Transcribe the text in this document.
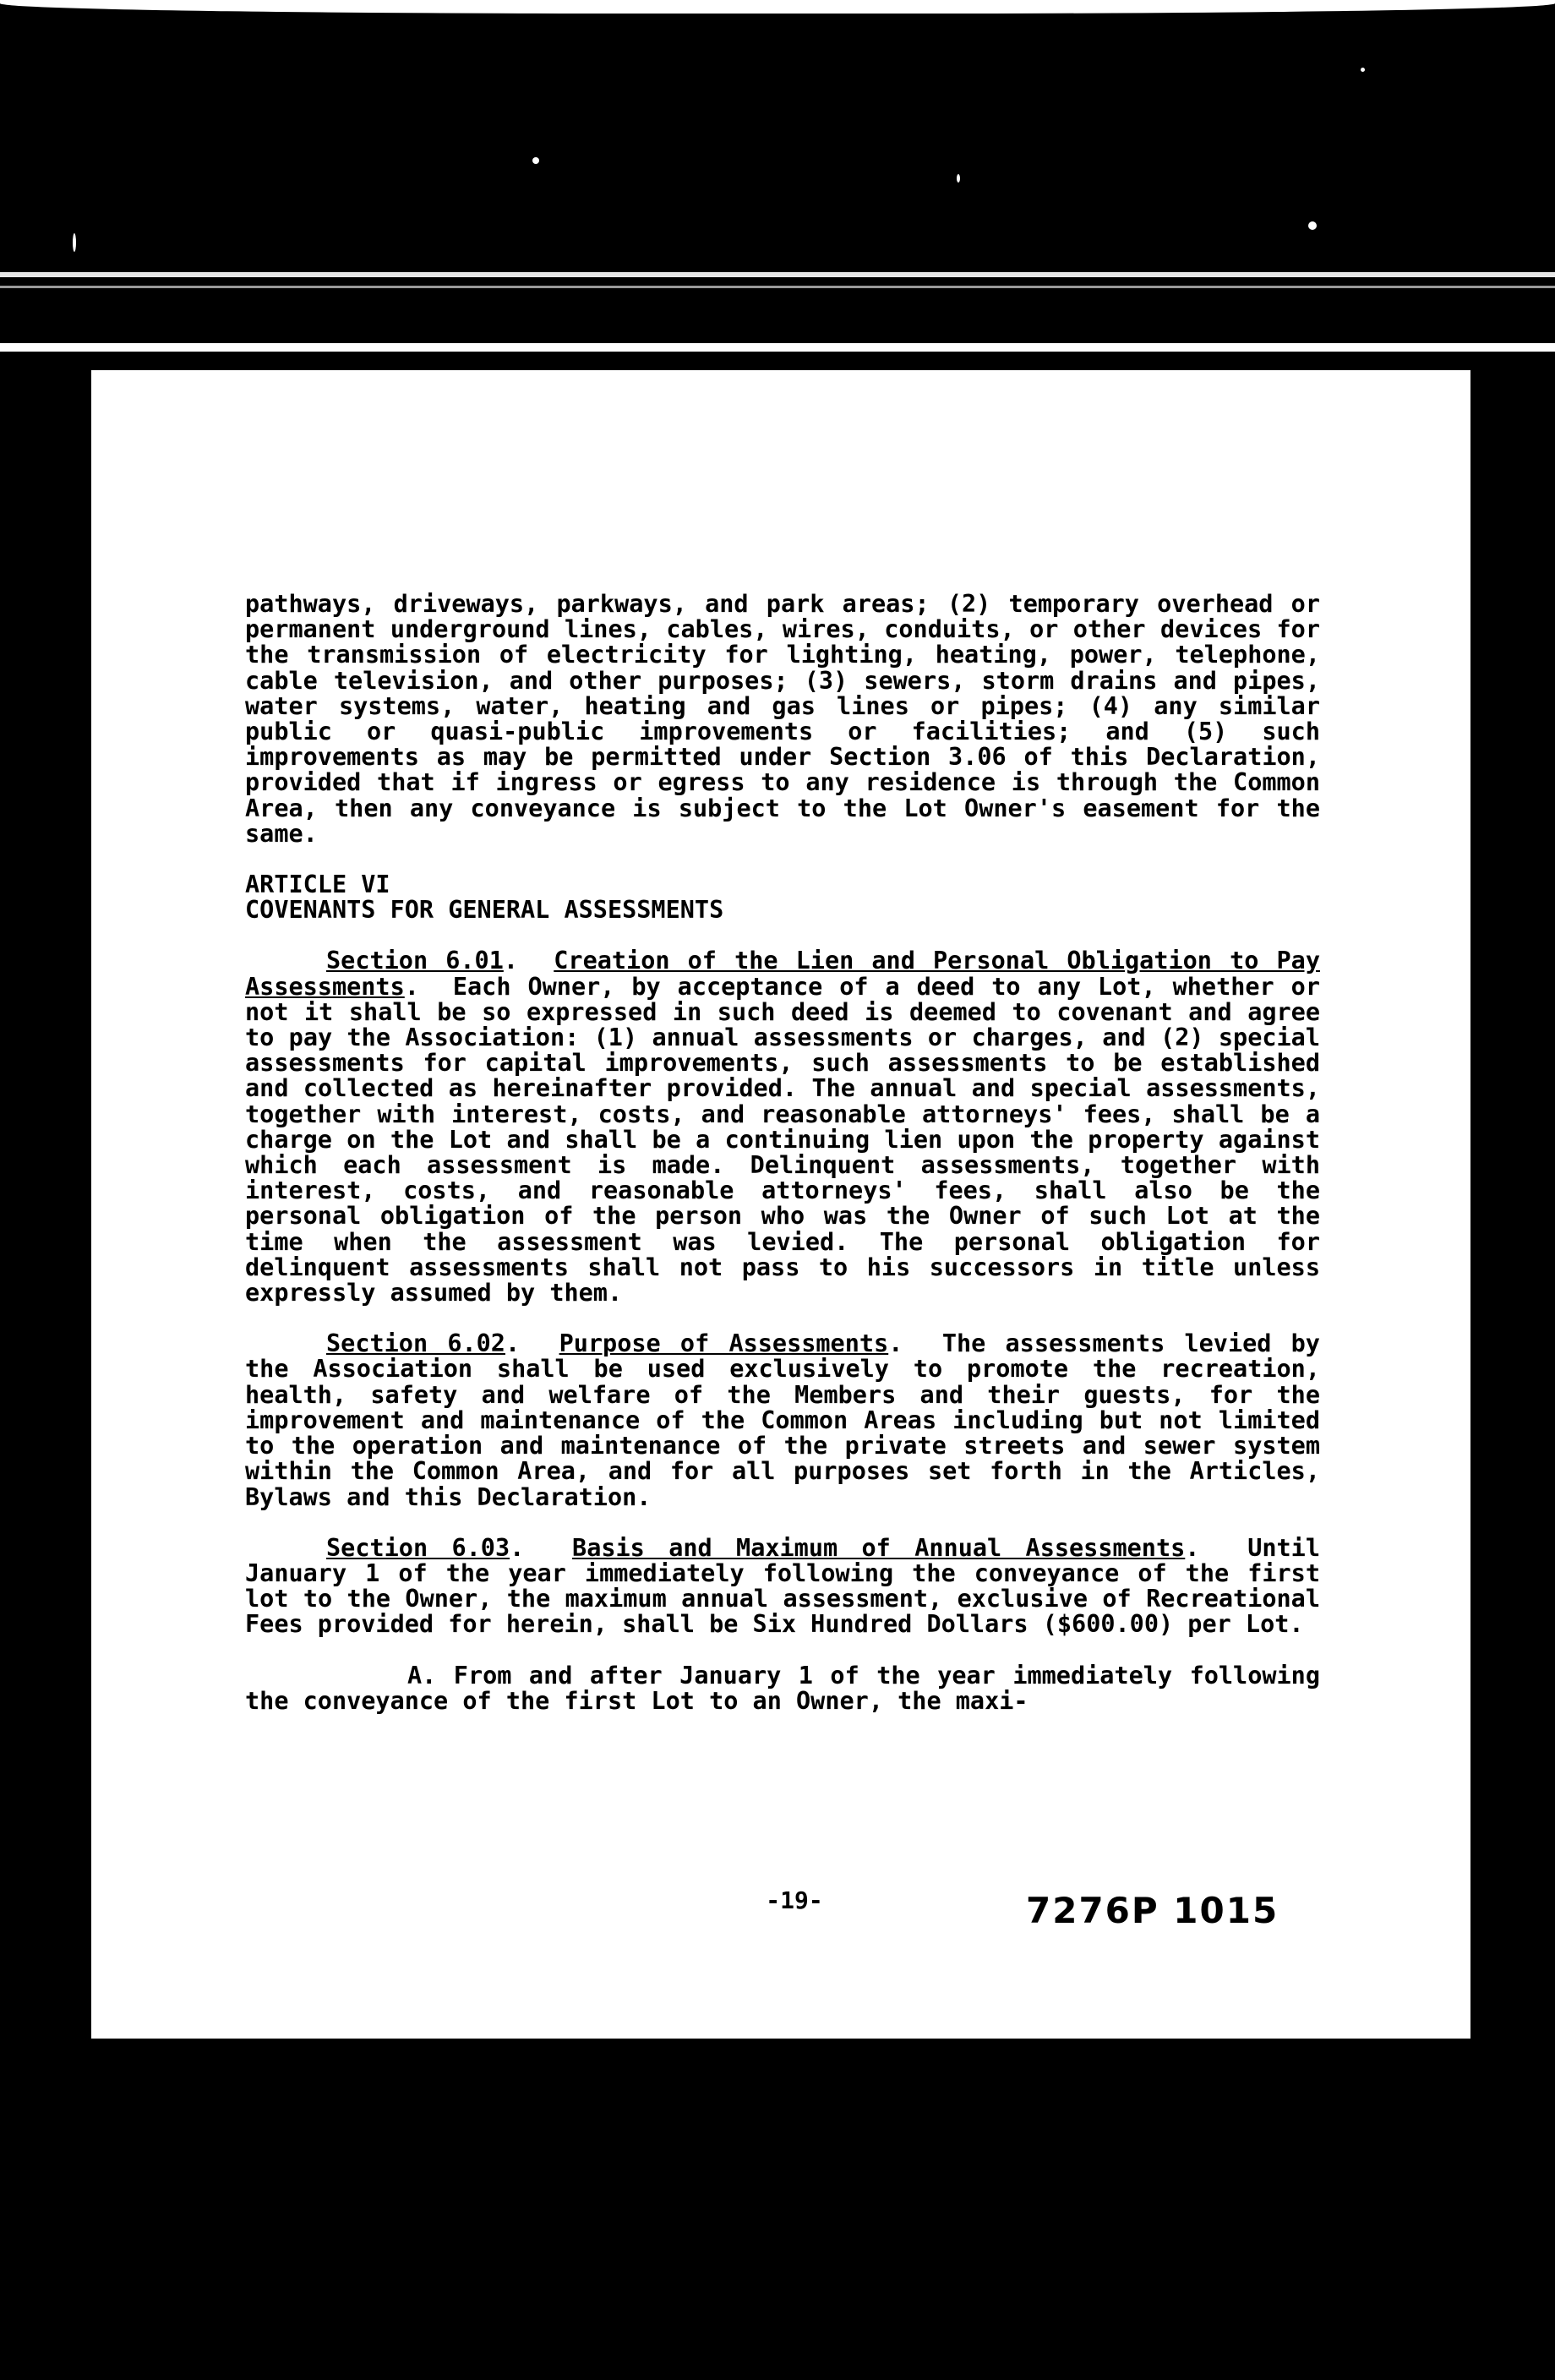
pathways, driveways, parkways, and park areas; (2) temporary overhead or permanent underground lines, cables, wires, conduits, or other devices for the transmission of electricity for lighting, heating, power, telephone, cable television, and other purposes; (3) sewers, storm drains and pipes, water systems, water, heating and gas lines or pipes; (4) any similar public or quasi-public improvements or facilities; and (5) such improvements as may be permitted under Section 3.06 of this Declaration, provided that if ingress or egress to any residence is through the Common Area, then any conveyance is subject to the Lot Owner's easement for the same.

ARTICLE VI

COVENANTS FOR GENERAL ASSESSMENTS

Section 6.01.  Creation of the Lien and Personal Obligation to Pay Assessments.  Each Owner, by acceptance of a deed to any Lot, whether or not it shall be so expressed in such deed is deemed to covenant and agree to pay the Association: (1) annual assessments or charges, and (2) special assessments for capital improvements, such assessments to be established and collected as hereinafter provided. The annual and special assessments, together with interest, costs, and reasonable attorneys' fees, shall be a charge on the Lot and shall be a continuing lien upon the property against which each assessment is made. Delinquent assessments, together with interest, costs, and reasonable attorneys' fees, shall also be the personal obligation of the person who was the Owner of such Lot at the time when the assessment was levied. The personal obligation for delinquent assessments shall not pass to his successors in title unless expressly assumed by them.

Section 6.02.  Purpose of Assessments.  The assessments levied by the Association shall be used exclusively to promote the recreation, health, safety and welfare of the Members and their guests, for the improvement and maintenance of the Common Areas including but not limited to the operation and maintenance of the private streets and sewer system within the Common Area, and for all purposes set forth in the Articles, Bylaws and this Declaration.

Section 6.03.  Basis and Maximum of Annual Assessments.  Until January 1 of the year immediately following the conveyance of the first lot to the Owner, the maximum annual assessment, exclusive of Recreational Fees provided for herein, shall be Six Hundred Dollars ($600.00) per Lot.

A. From and after January 1 of the year immediately following the conveyance of the first Lot to an Owner, the maxi-

-19-	7276P 1015
